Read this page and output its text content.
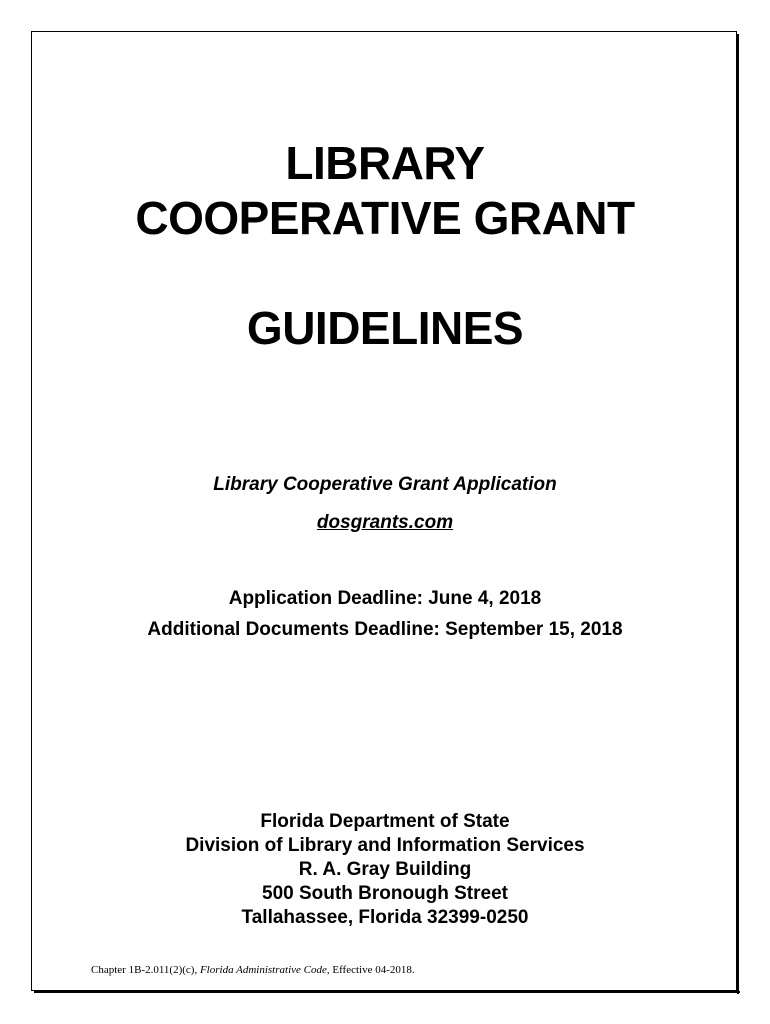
LIBRARY
COOPERATIVE GRANT
GUIDELINES
Library Cooperative Grant Application
dosgrants.com
Application Deadline: June 4, 2018
Additional Documents Deadline: September 15, 2018
Florida Department of State
Division of Library and Information Services
R. A. Gray Building
500 South Bronough Street
Tallahassee, Florida 32399-0250
Chapter 1B-2.011(2)(c), Florida Administrative Code, Effective 04-2018.
